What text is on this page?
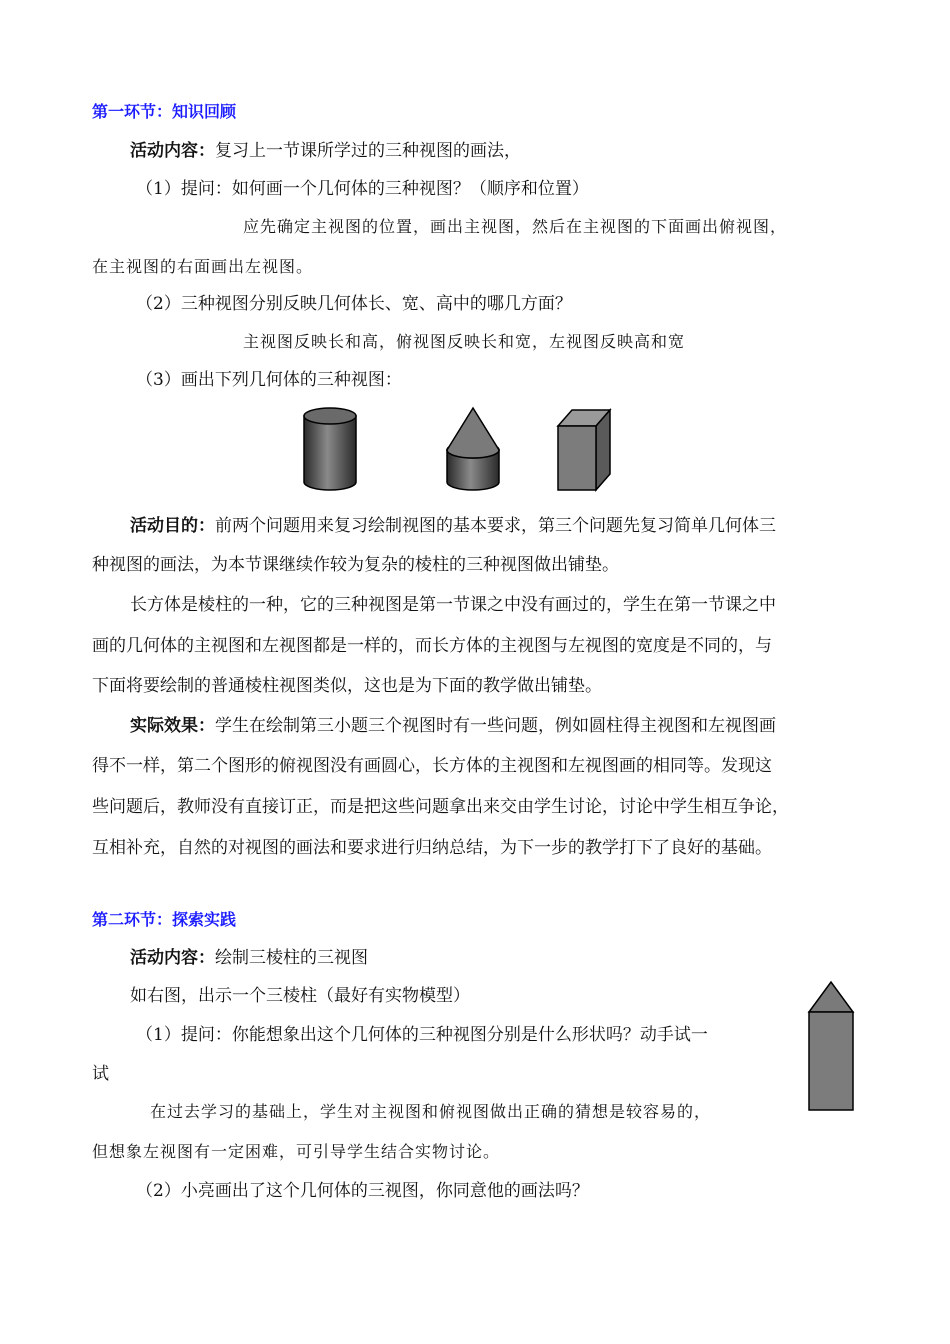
第一环节：知识回顾
活动内容：复习上一节课所学过的三种视图的画法，
（1）提问：如何画一个几何体的三种视图？（顺序和位置）
应先确定主视图的位置，画出主视图，然后在主视图的下面画出俯视图，
在主视图的右面画出左视图。
（2）三种视图分别反映几何体长、宽、高中的哪几方面？
主视图反映长和高，俯视图反映长和宽，左视图反映高和宽
（3）画出下列几何体的三种视图：
活动目的：前两个问题用来复习绘制视图的基本要求，第三个问题先复习简单几何体三
种视图的画法，为本节课继续作较为复杂的棱柱的三种视图做出铺垫。
长方体是棱柱的一种，它的三种视图是第一节课之中没有画过的，学生在第一节课之中
画的几何体的主视图和左视图都是一样的，而长方体的主视图与左视图的宽度是不同的，与
下面将要绘制的普通棱柱视图类似，这也是为下面的教学做出铺垫。
实际效果：学生在绘制第三小题三个视图时有一些问题，例如圆柱得主视图和左视图画
得不一样，第二个图形的俯视图没有画圆心，长方体的主视图和左视图画的相同等。发现这
些问题后，教师没有直接订正，而是把这些问题拿出来交由学生讨论，讨论中学生相互争论，
互相补充，自然的对视图的画法和要求进行归纳总结，为下一步的教学打下了良好的基础。
第二环节：探索实践
活动内容：绘制三棱柱的三视图
如右图，出示一个三棱柱（最好有实物模型）
（1）提问：你能想象出这个几何体的三种视图分别是什么形状吗？动手试一
试
在过去学习的基础上，学生对主视图和俯视图做出正确的猜想是较容易的，
但想象左视图有一定困难，可引导学生结合实物讨论。
（2）小亮画出了这个几何体的三视图，你同意他的画法吗？
